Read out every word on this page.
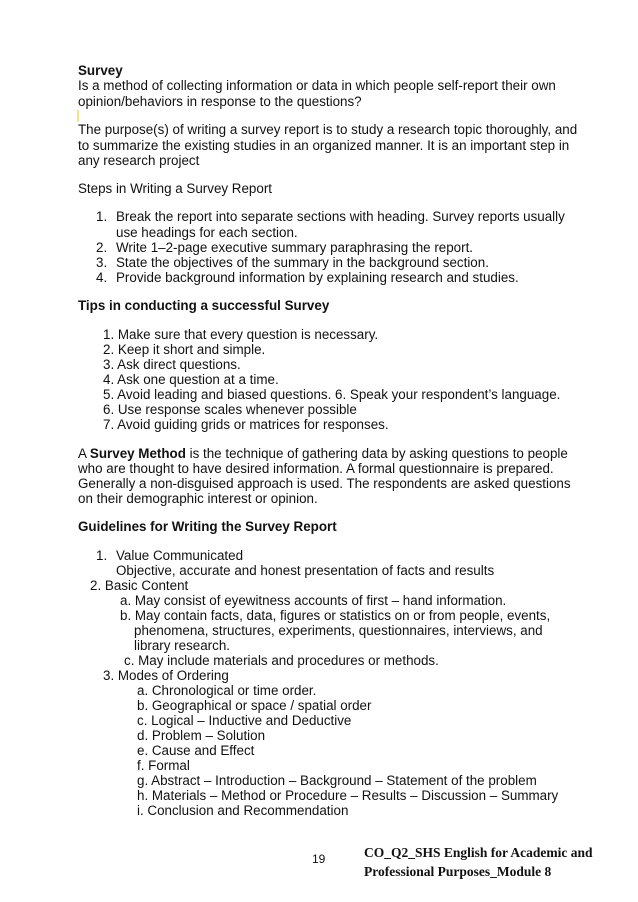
Survey
Is a method of collecting information or data in which people self-report their own
opinion/behaviors in response to the questions?
The purpose(s) of writing a survey report is to study a research topic thoroughly, and
to summarize the existing studies in an organized manner. It is an important step in
any research project
Steps in Writing a Survey Report
1. Break the report into separate sections with heading. Survey reports usually
use headings for each section.
2. Write 1–2-page executive summary paraphrasing the report.
3. State the objectives of the summary in the background section.
4. Provide background information by explaining research and studies.
Tips in conducting a successful Survey
1. Make sure that every question is necessary.
2. Keep it short and simple.
3. Ask direct questions.
4. Ask one question at a time.
5. Avoid leading and biased questions. 6. Speak your respondent’s language.
6. Use response scales whenever possible
7. Avoid guiding grids or matrices for responses.
A Survey Method is the technique of gathering data by asking questions to people
who are thought to have desired information. A formal questionnaire is prepared.
Generally a non-disguised approach is used. The respondents are asked questions
on their demographic interest or opinion.
Guidelines for Writing the Survey Report
1. Value Communicated
Objective, accurate and honest presentation of facts and results
2. Basic Content
a. May consist of eyewitness accounts of first – hand information.
b. May contain facts, data, figures or statistics on or from people, events,
phenomena, structures, experiments, questionnaires, interviews, and
library research.
c. May include materials and procedures or methods.
3. Modes of Ordering
a. Chronological or time order.
b. Geographical or space / spatial order
c. Logical – Inductive and Deductive
d. Problem – Solution
e. Cause and Effect
f. Formal
g. Abstract – Introduction – Background – Statement of the problem
h. Materials – Method or Procedure – Results – Discussion – Summary
i. Conclusion and Recommendation
19	CO_Q2_SHS English for Academic and
Professional Purposes_Module 8
